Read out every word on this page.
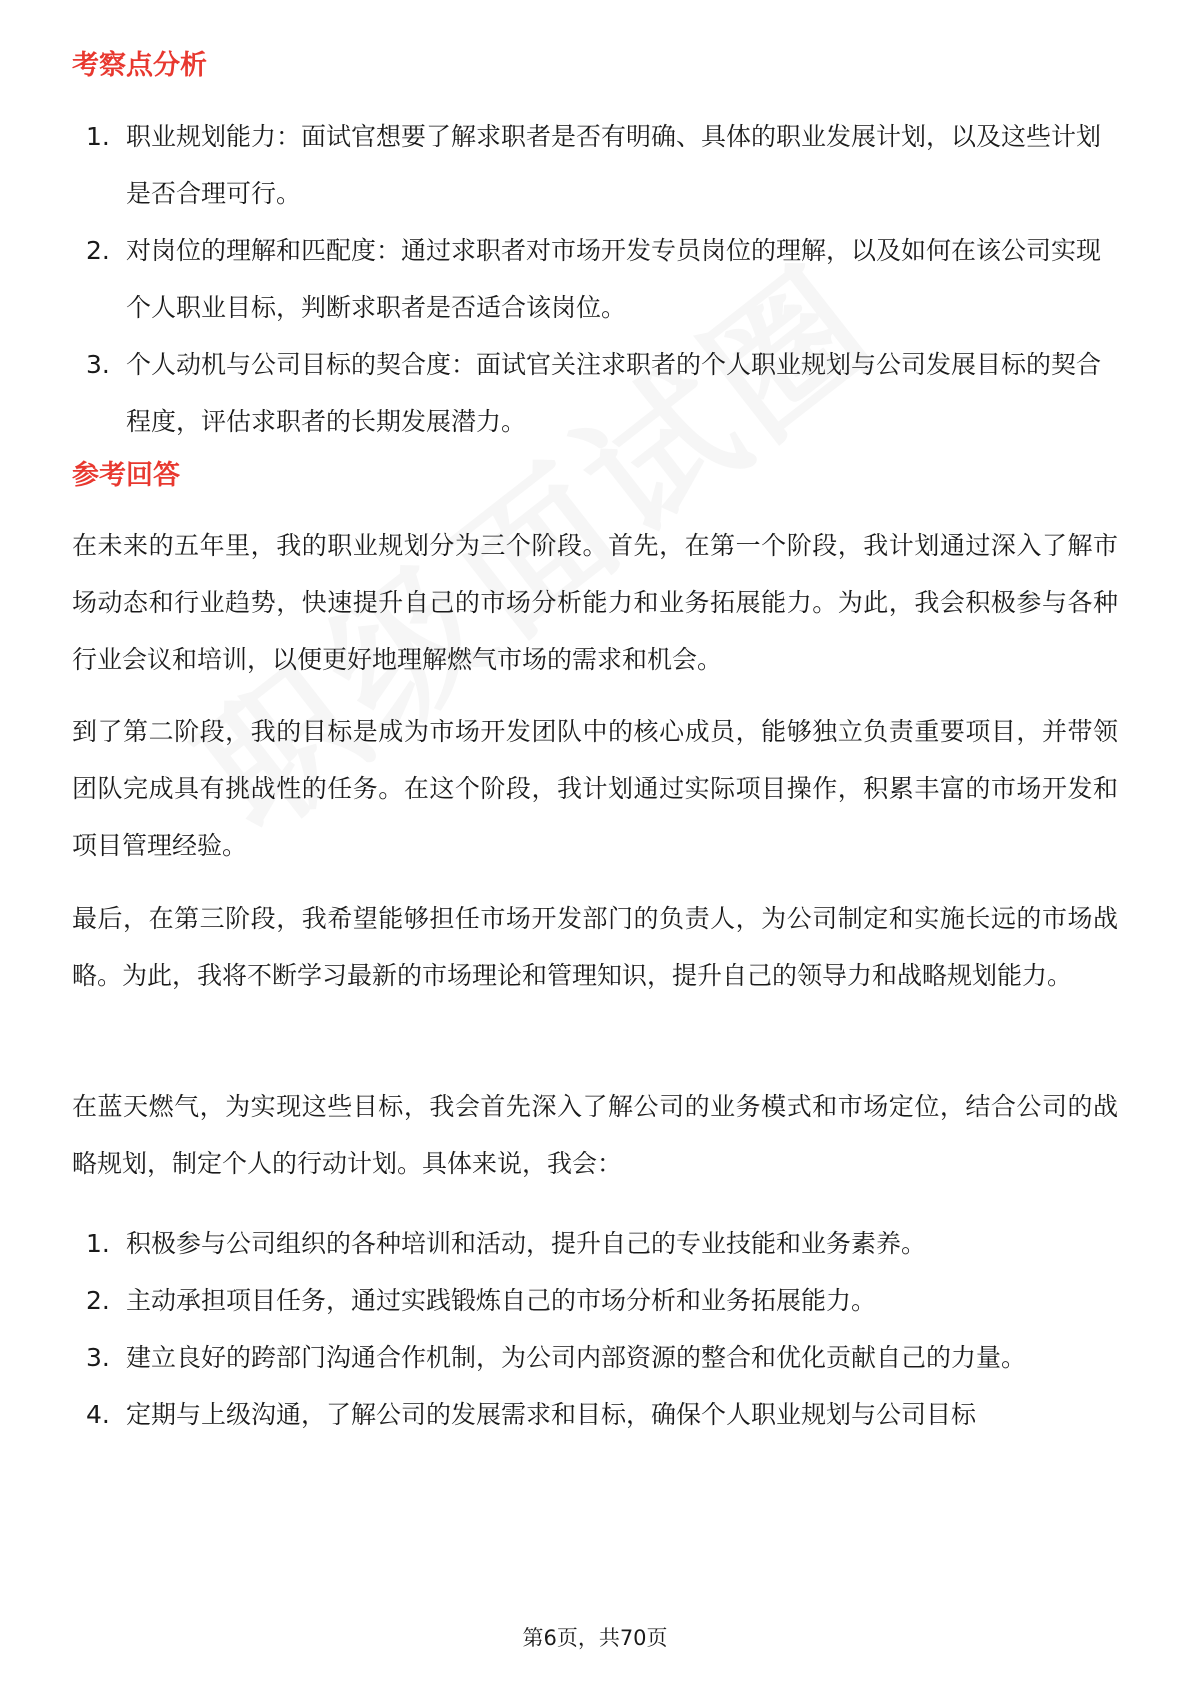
考察点分析
1. 职业规划能力：面试官想要了解求职者是否有明确、具体的职业发展计划，以及这些计划是否合理可行。
2. 对岗位的理解和匹配度：通过求职者对市场开发专员岗位的理解，以及如何在该公司实现个人职业目标，判断求职者是否适合该岗位。
3. 个人动机与公司目标的契合度：面试官关注求职者的个人职业规划与公司发展目标的契合程度，评估求职者的长期发展潜力。
参考回答

在未来的五年里，我的职业规划分为三个阶段。首先，在第一个阶段，我计划通过深入了解市场动态和行业趋势，快速提升自己的市场分析能力和业务拓展能力。为此，我会积极参与各种行业会议和培训，以便更好地理解燃气市场的需求和机会。

到了第二阶段，我的目标是成为市场开发团队中的核心成员，能够独立负责重要项目，并带领团队完成具有挑战性的任务。在这个阶段，我计划通过实际项目操作，积累丰富的市场开发和项目管理经验。

最后，在第三阶段，我希望能够担任市场开发部门的负责人，为公司制定和实施长远的市场战略。为此，我将不断学习最新的市场理论和管理知识，提升自己的领导力和战略规划能力。

在蓝天燃气，为实现这些目标，我会首先深入了解公司的业务模式和市场定位，结合公司的战略规划，制定个人的行动计划。具体来说，我会：

1. 积极参与公司组织的各种培训和活动，提升自己的专业技能和业务素养。
2. 主动承担项目任务，通过实践锻炼自己的市场分析和业务拓展能力。
3. 建立良好的跨部门沟通合作机制，为公司内部资源的整合和优化贡献自己的力量。
4. 定期与上级沟通，了解公司的发展需求和目标，确保个人职业规划与公司目标
第6页，共70页
